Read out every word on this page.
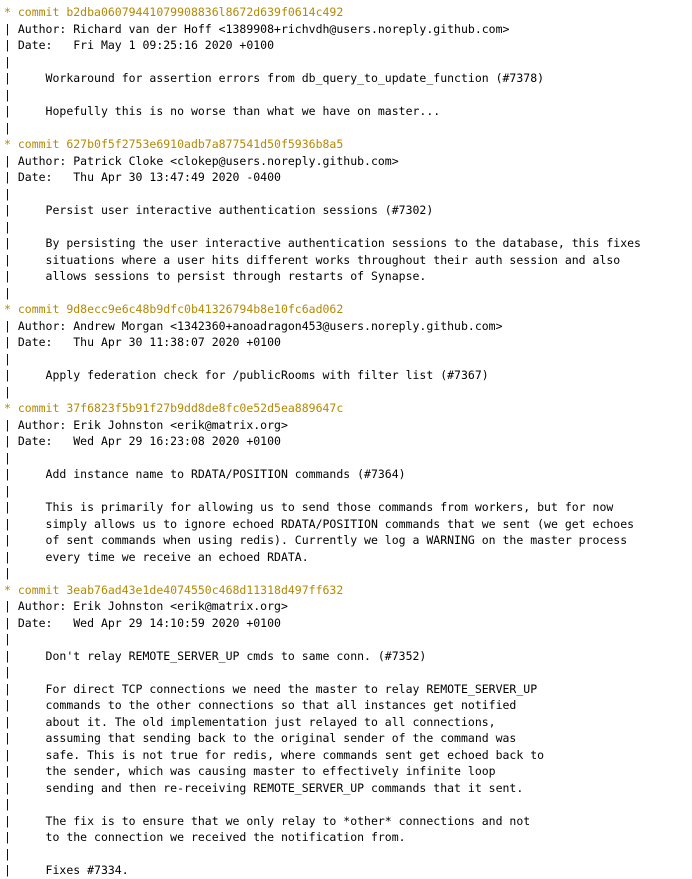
* commit b2dba06079441079908836l8672d639f0614c492
| Author: Richard van der Hoff <1389908+richvdh@users.noreply.github.com>
| Date:   Fri May 1 09:25:16 2020 +0100
|
|     Workaround for assertion errors from db_query_to_update_function (#7378)
|
|     Hopefully this is no worse than what we have on master...
|
* commit 627b0f5f2753e6910adb7a877541d50f5936b8a5
| Author: Patrick Cloke <clokep@users.noreply.github.com>
| Date:   Thu Apr 30 13:47:49 2020 -0400
|
|     Persist user interactive authentication sessions (#7302)
|
|     By persisting the user interactive authentication sessions to the database, this fixes
|     situations where a user hits different works throughout their auth session and also
|     allows sessions to persist through restarts of Synapse.
|
* commit 9d8ecc9e6c48b9dfc0b41326794b8e10fc6ad062
| Author: Andrew Morgan <1342360+anoadragon453@users.noreply.github.com>
| Date:   Thu Apr 30 11:38:07 2020 +0100
|
|     Apply federation check for /publicRooms with filter list (#7367)
|
* commit 37f6823f5b91f27b9dd8de8fc0e52d5ea889647c
| Author: Erik Johnston <erik@matrix.org>
| Date:   Wed Apr 29 16:23:08 2020 +0100
|
|     Add instance name to RDATA/POSITION commands (#7364)
|
|     This is primarily for allowing us to send those commands from workers, but for now
|     simply allows us to ignore echoed RDATA/POSITION commands that we sent (we get echoes
|     of sent commands when using redis). Currently we log a WARNING on the master process
|     every time we receive an echoed RDATA.
|
* commit 3eab76ad43e1de4074550c468d11318d497ff632
| Author: Erik Johnston <erik@matrix.org>
| Date:   Wed Apr 29 14:10:59 2020 +0100
|
|     Don't relay REMOTE_SERVER_UP cmds to same conn. (#7352)
|
|     For direct TCP connections we need the master to relay REMOTE_SERVER_UP
|     commands to the other connections so that all instances get notified
|     about it. The old implementation just relayed to all connections,
|     assuming that sending back to the original sender of the command was
|     safe. This is not true for redis, where commands sent get echoed back to
|     the sender, which was causing master to effectively infinite loop
|     sending and then re-receiving REMOTE_SERVER_UP commands that it sent.
|
|     The fix is to ensure that we only relay to *other* connections and not
|     to the connection we received the notification from.
|
|     Fixes #7334.
